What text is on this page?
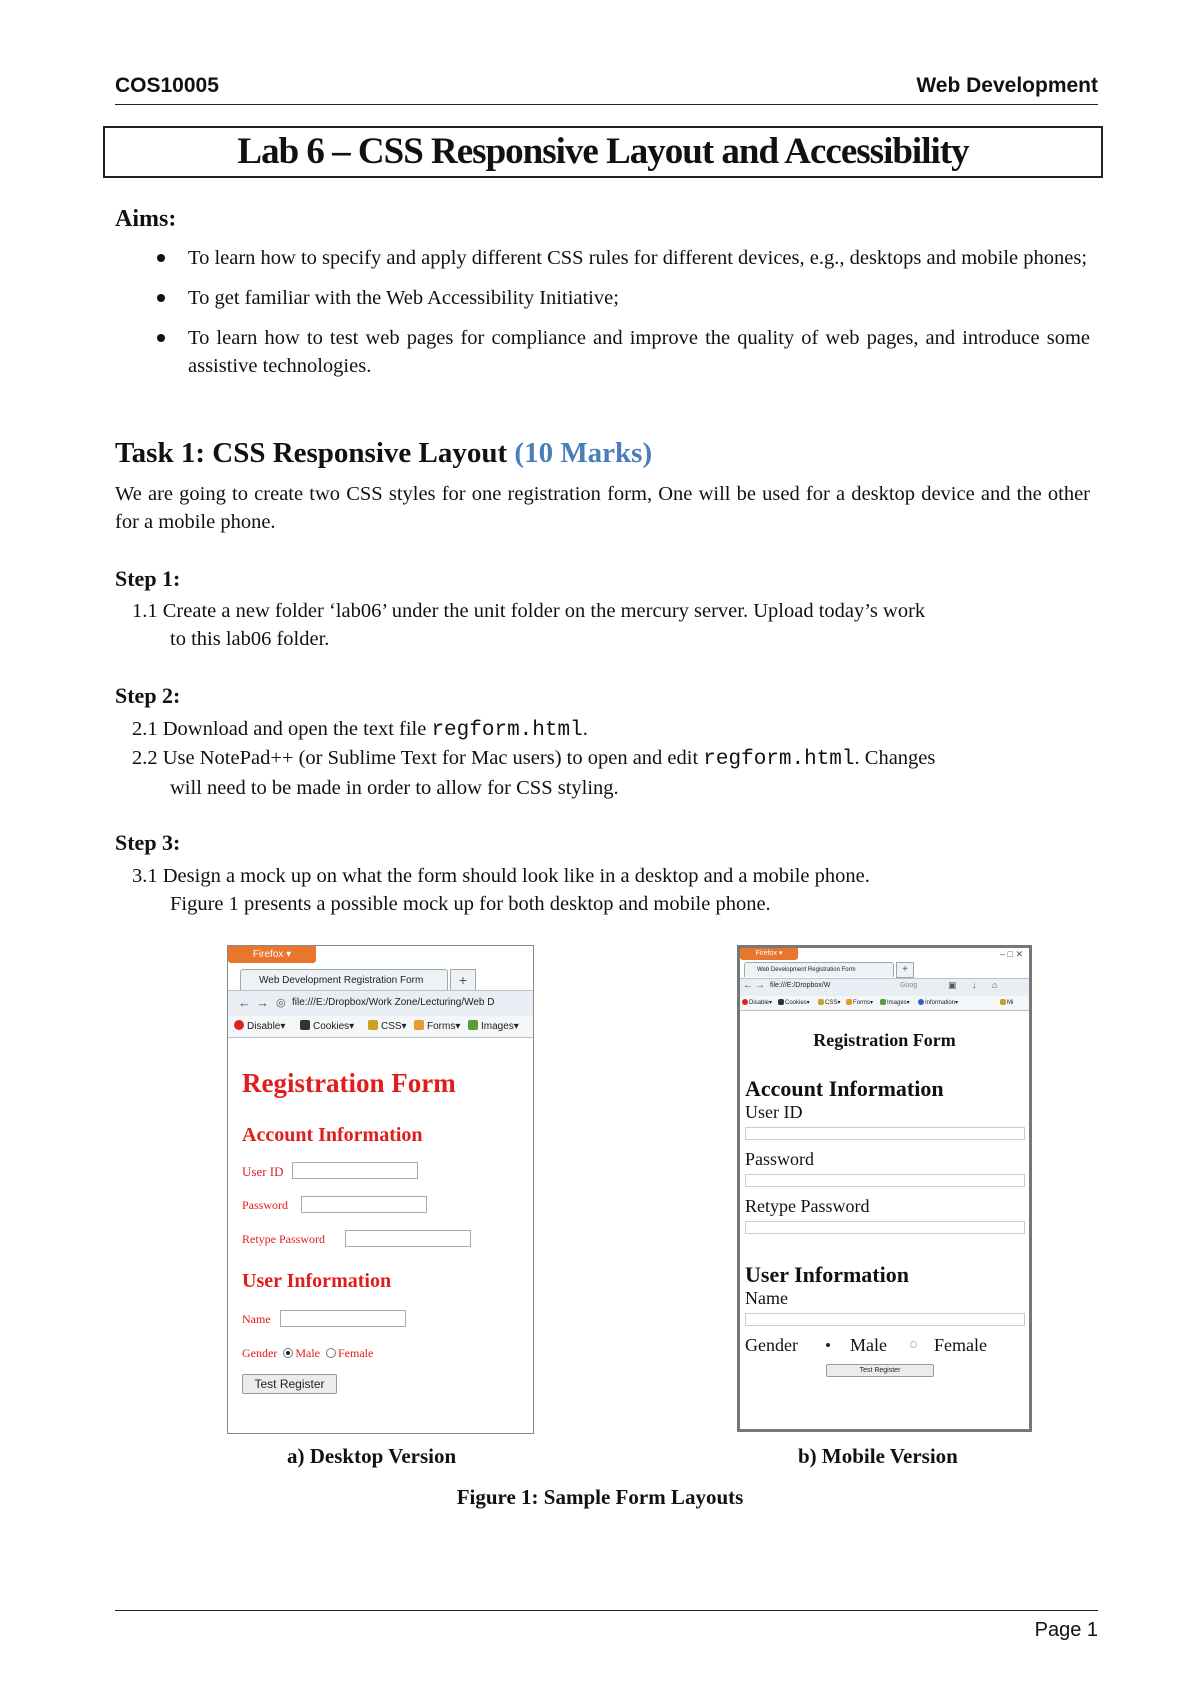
COS10005	Web Development
Lab 6 – CSS Responsive Layout and Accessibility
Aims:
To learn how to specify and apply different CSS rules for different devices, e.g., desktops and mobile phones;
To get familiar with the Web Accessibility Initiative;
To learn how to test web pages for compliance and improve the quality of web pages, and introduce some assistive technologies.
Task 1: CSS Responsive Layout (10 Marks)

We are going to create two CSS styles for one registration form, One will be used for a desktop device and the other for a mobile phone.

Step 1:

1.1 Create a new folder ‘lab06’ under the unit folder on the mercury server. Upload today’s work
to this lab06 folder.

Step 2:

2.1 Download and open the text file regform.html.

2.2 Use NotePad++ (or Sublime Text for Mac users) to open and edit regform.html. Changes
will need to be made in order to allow for CSS styling.

Step 3:

3.1 Design a mock up on what the form should look like in a desktop and a mobile phone.
Figure 1 presents a possible mock up for both desktop and mobile phone.

Firefox ▾
Web Development Registration Form	+
← → ◎ file:///E:/Dropbox/Work Zone/Lecturing/Web D
Disable▾	Cookies▾	CSS▾	Forms▾	Images▾
Registration Form
Account Information
User ID
Password
Retype Password
User Information
Name
Gender Male Female
Test Register
Firefox ▾	‒ □ ✕
Web Development Registration Form	+
← → file:///E:/Dropbox/W	Goog	▣ ↓ ⌂
Disable▾	Cookies▾	CSS▾	Forms▾	Images▾	Information▾	Mi
Registration Form
Account Information
User ID
Password
Retype Password
User Information
Name
Gender	Male	Female
Test Register
a) Desktop Version	b) Mobile Version
Figure 1: Sample Form Layouts
Page 1
